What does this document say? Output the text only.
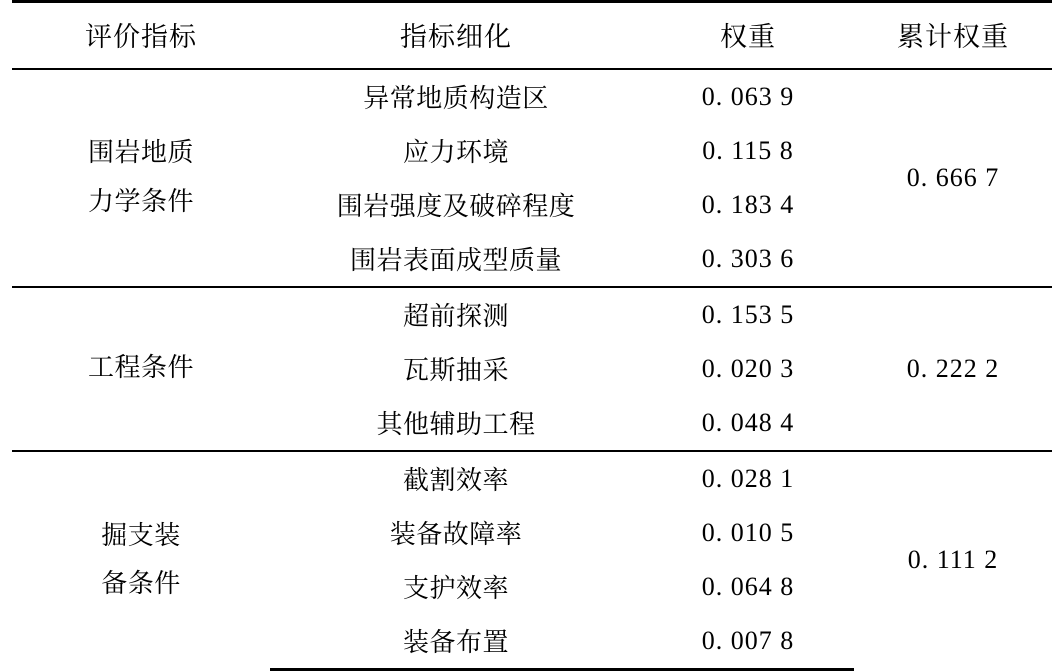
评价指标	指标细化	权重	累计权重

围岩地质
力学条件	异常地质构造区	0. 063 9	0. 666 7
	应力环境	0. 115 8	
	围岩强度及破碎程度	0. 183 4	
	围岩表面成型质量	0. 303 6	

工程条件	超前探测	0. 153 5	0. 222 2
	瓦斯抽采	0. 020 3	
	其他辅助工程	0. 048 4	

掘支装
备条件	截割效率	0. 028 1	0. 111 2
	装备故障率	0. 010 5	
	支护效率	0. 064 8	
	装备布置	0. 007 8	
